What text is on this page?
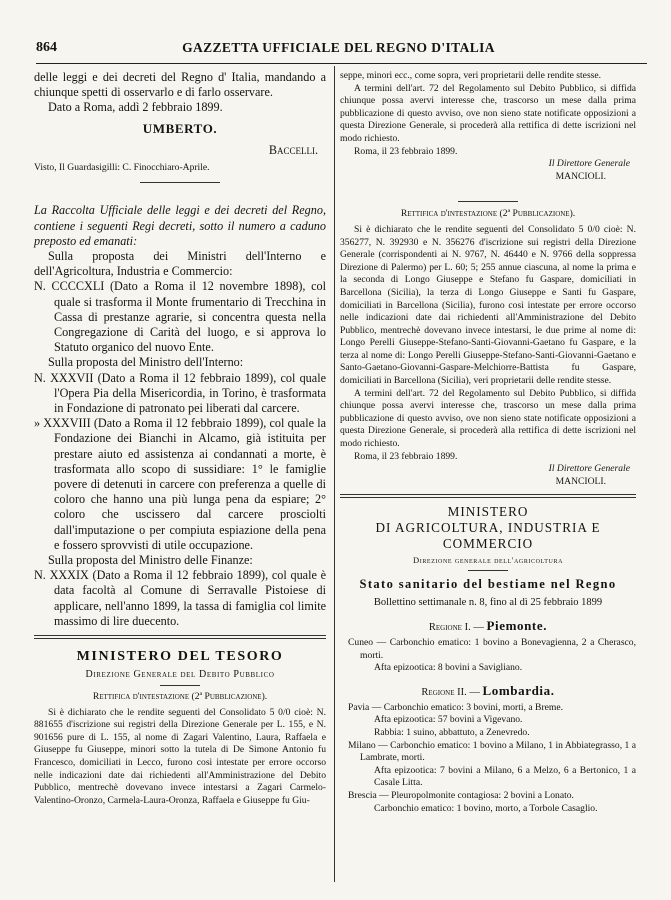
864	GAZZETTA UFFICIALE DEL REGNO D'ITALIA

delle leggi e dei decreti del Regno d' Italia, mandando a chiunque spetti di osservarlo e di farlo osservare.

Dato a Roma, addì 2 febbraio 1899.

UMBERTO.

Baccelli.

Visto, Il Guardasigilli: C. Finocchiaro-Aprile.

La Raccolta Ufficiale delle leggi e dei decreti del Regno, contiene i seguenti Regi decreti, sotto il numero a caduno preposto ed emanati:

Sulla proposta dei Ministri dell'Interno e dell'Agricoltura, Industria e Commercio:

N. CCCCXLI (Dato a Roma il 12 novembre 1898), col quale si trasforma il Monte frumentario di Trecchina in Cassa di prestanze agrarie, si concentra questa nella Congregazione di Carità del luogo, e si approva lo Statuto organico del nuovo Ente.

Sulla proposta del Ministro dell'Interno:

N. XXXVII (Dato a Roma il 12 febbraio 1899), col quale l'Opera Pia della Misericordia, in Torino, è trasformata in Fondazione di patronato pei liberati dal carcere.

» XXXVIII (Dato a Roma il 12 febbraio 1899), col quale la Fondazione dei Bianchi in Alcamo, già istituita per prestare aiuto ed assistenza ai condannati a morte, è trasformata allo scopo di sussidiare: 1° le famiglie povere di detenuti in carcere con preferenza a quelle di coloro che hanno una più lunga pena da espiare; 2° coloro che uscissero dal carcere prosciolti dall'imputazione o per compiuta espiazione della pena e fossero sprovvisti di utile occupazione.

Sulla proposta del Ministro delle Finanze:

N. XXXIX (Dato a Roma il 12 febbraio 1899), col quale è data facoltà al Comune di Serravalle Pistoiese di applicare, nell'anno 1899, la tassa di famiglia col limite massimo di lire duecento.

MINISTERO DEL TESORO

Direzione Generale del Debito Pubblico

Rettifica d'intestazione (2ª Pubblicazione).

Si è dichiarato che le rendite seguenti del Consolidato 5 0/0 cioè: N. 881655 d'iscrizione sui registri della Direzione Generale per L. 155, e N. 901656 pure di L. 155, al nome di Zagari Valentino, Laura, Raffaela e Giuseppe fu Giuseppe, minori sotto la tutela di De Simone Antonio fu Francesco, domiciliati in Lecco, furono così intestate per errore occorso nelle indicazioni date dai richiedenti all'Amministrazione del Debito Pubblico, mentrechè dovevano invece intestarsi a Zagari Carmelo-Valentino-Oronzo, Carmela-Laura-Oronza, Raffaela e Giuseppe fu Giu-

seppe, minori ecc., come sopra, veri proprietarii delle rendite stesse.

A termini dell'art. 72 del Regolamento sul Debito Pubblico, si diffida chiunque possa avervi interesse che, trascorso un mese dalla prima pubblicazione di questo avviso, ove non sieno state notificate opposizioni a questa Direzione Generale, si procederà alla rettifica di dette iscrizioni nel modo richiesto.

Roma, il 23 febbraio 1899.

Il Direttore Generale

MANCIOLI.

Rettifica d'intestazione (2ª Pubblicazione).

Si è dichiarato che le rendite seguenti del Consolidato 5 0/0 cioè: N. 356277, N. 392930 e N. 356276 d'iscrizione sui registri della Direzione Generale (corrispondenti ai N. 9767, N. 46440 e N. 9766 della soppressa Direzione di Palermo) per L. 60; 5; 255 annue ciascuna, al nome la prima e la seconda di Longo Giuseppe e Stefano fu Gaspare, domiciliati in Barcellona (Sicilia), la terza di Longo Giuseppe e Santi fu Gaspare, domiciliati in Barcellona (Sicilia), furono così intestate per errore occorso nelle indicazioni date dai richiedenti all'Amministrazione del Debito Pubblico, mentrechè dovevano invece intestarsi, le due prime al nome di: Longo Perelli Giuseppe-Stefano-Santi-Giovanni-Gaetano fu Gaspare, e la terza al nome di: Longo Perelli Giuseppe-Stefano-Santi-Giovanni-Gaetano e Santo-Gaetano-Giovanni-Gaspare-Melchiorre-Battista fu Gaspare, domiciliati in Barcellona (Sicilia), veri proprietarii delle rendite stesse.

A termini dell'art. 72 del Regolamento sul Debito Pubblico, si diffida chiunque possa avervi interesse che, trascorso un mese dalla prima pubblicazione di questo avviso, ove non sieno state notificate opposizioni a questa Direzione Generale, si procederà alla rettifica di dette iscrizioni nel modo richiesto.

Roma, il 23 febbraio 1899.

Il Direttore Generale

MANCIOLI.

MINISTERO

DI AGRICOLTURA, INDUSTRIA E COMMERCIO

Direzione generale dell'agricoltura

Stato sanitario del bestiame nel Regno

Bollettino settimanale n. 8, fino al dì 25 febbraio 1899

Regione I. — Piemonte.

Cuneo — Carbonchio ematico: 1 bovino a Bonevagienna, 2 a Cherasco, morti.

Afta epizootica: 8 bovini a Savigliano.

Regione II. — Lombardia.

Pavia — Carbonchio ematico: 3 bovini, morti, a Breme.

Afta epizootica: 57 bovini a Vigevano.

Rabbia: 1 suino, abbattuto, a Zenevredo.

Milano — Carbonchio ematico: 1 bovino a Milano, 1 in Abbiategrasso, 1 a Lambrate, morti.

Afta epizootica: 7 bovini a Milano, 6 a Melzo, 6 a Bertonico, 1 a Casale Litta.

Brescia — Pleuropolmonite contagiosa: 2 bovini a Lonato.

Carbonchio ematico: 1 bovino, morto, a Torbole Casaglio.
